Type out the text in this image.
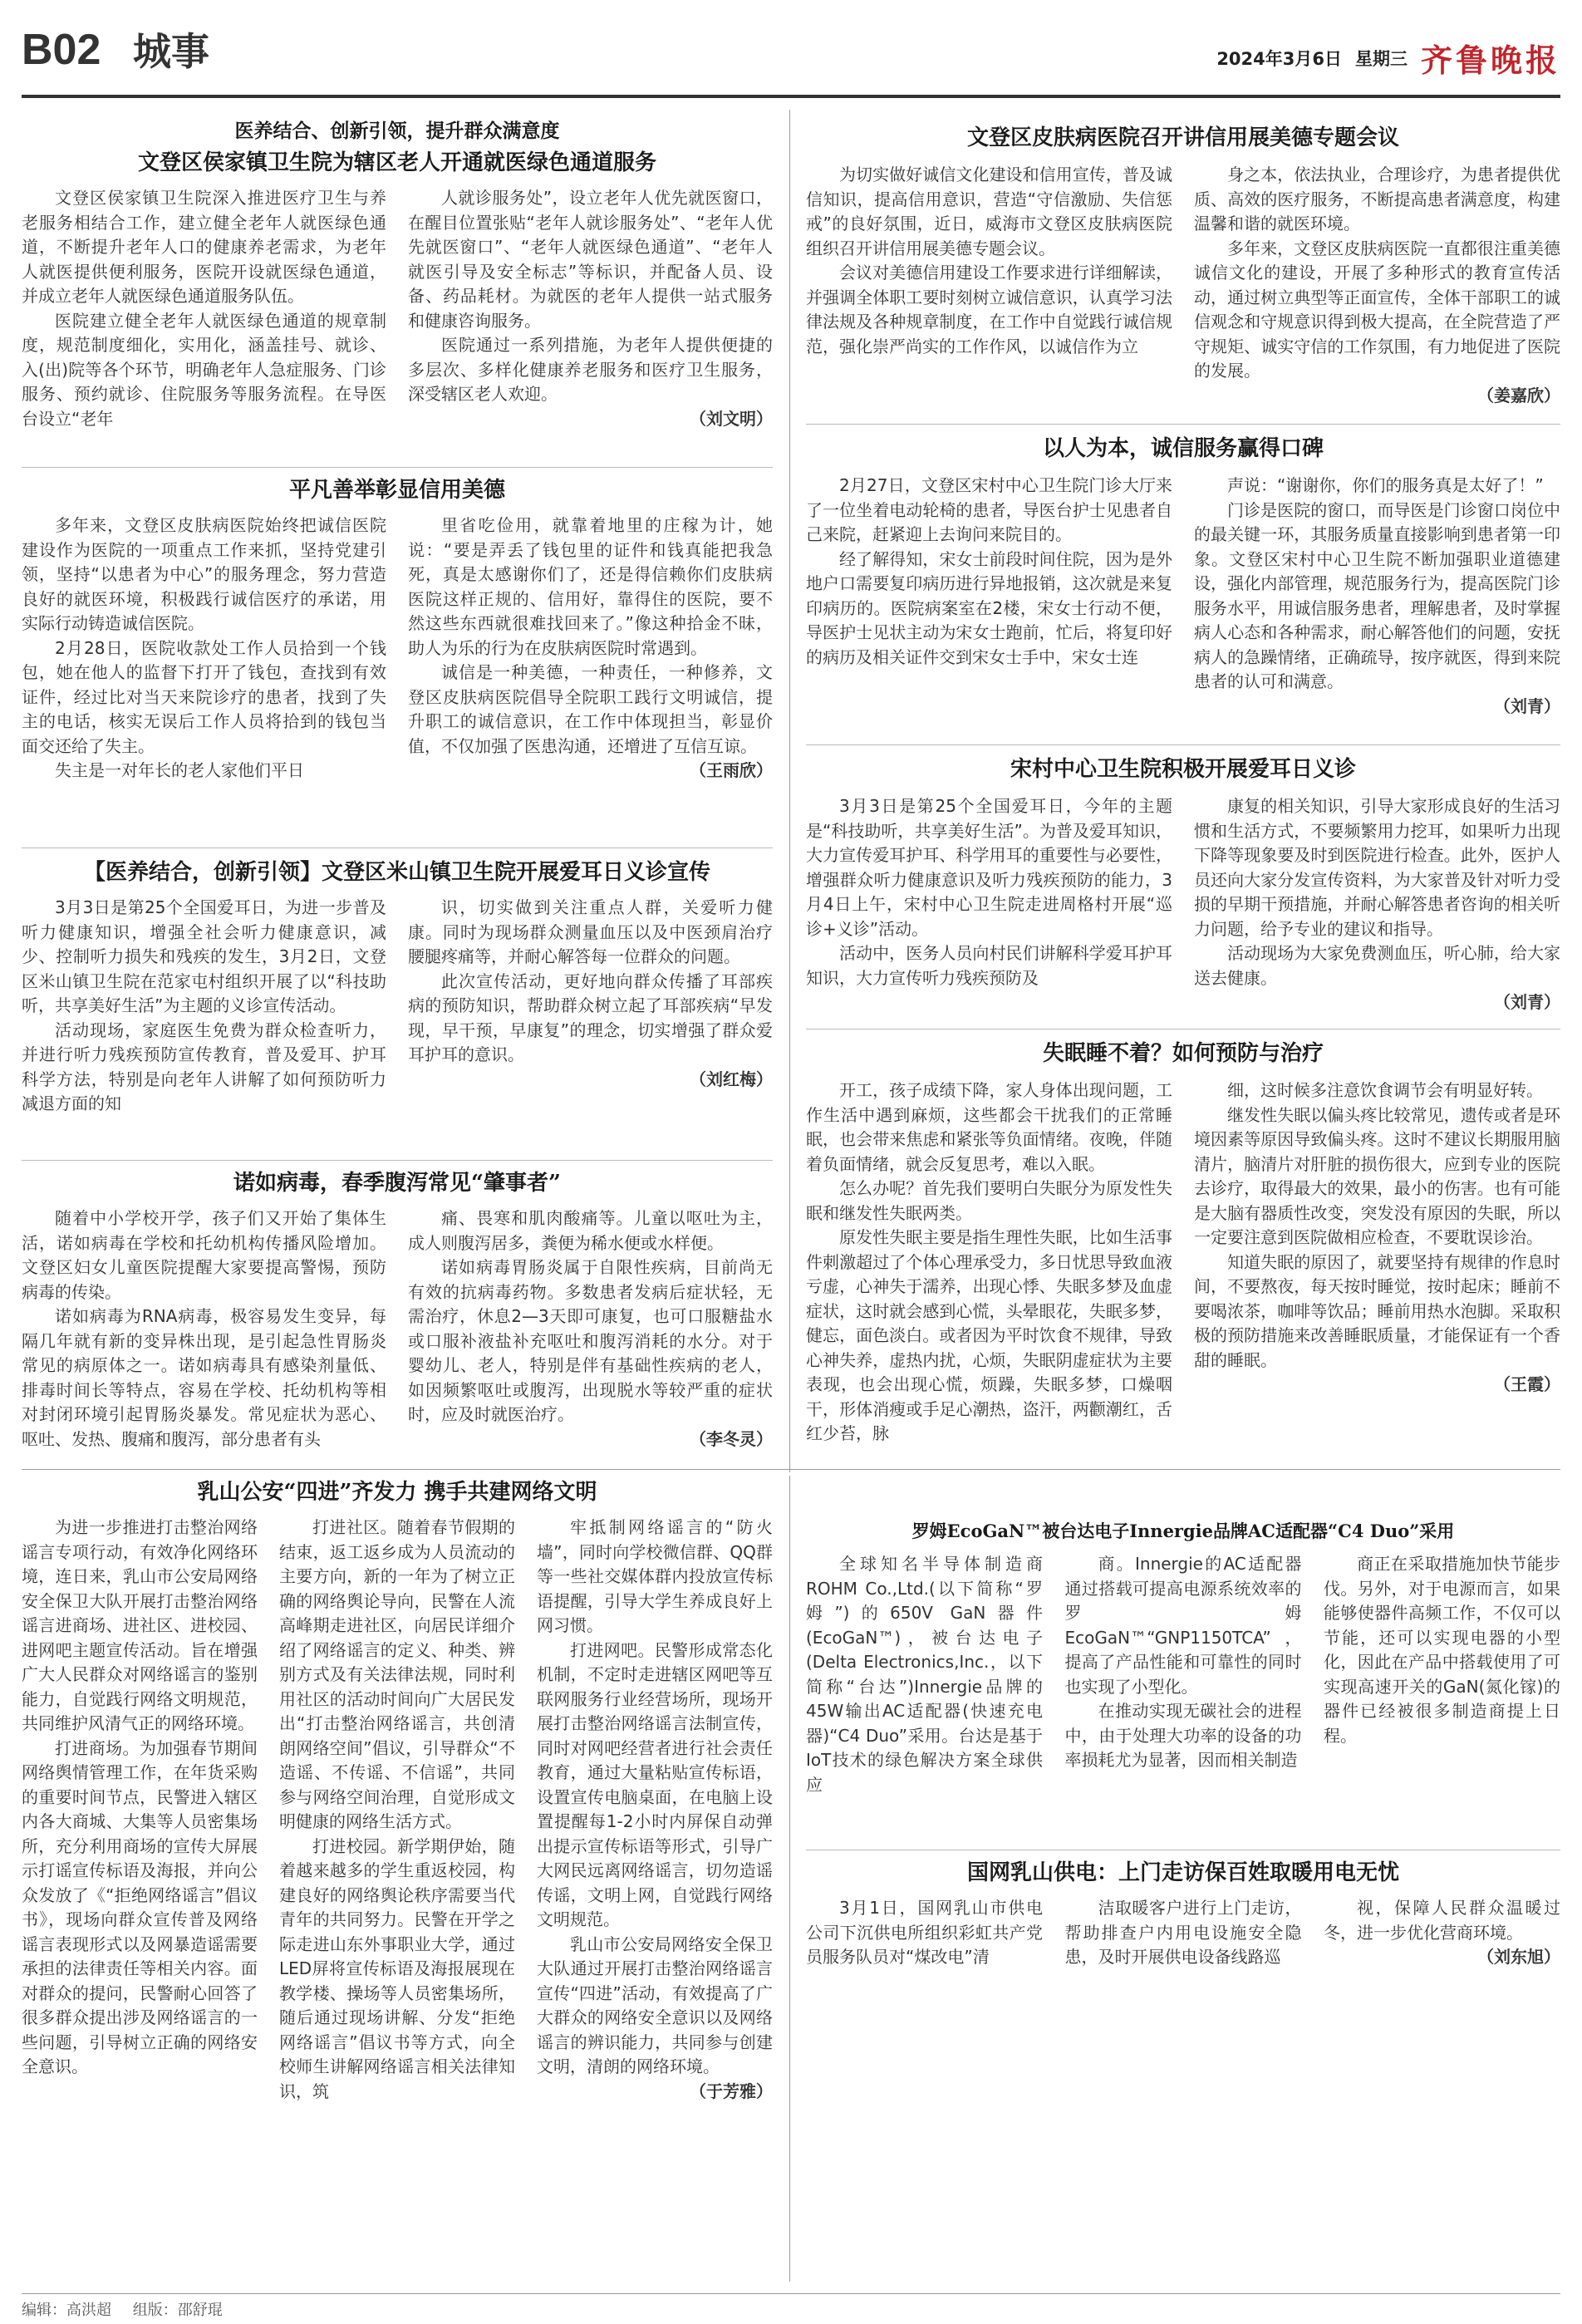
B02 城事	2024年3月6日 星期三 齐鲁晚报
医养结合、创新引领，提升群众满意度
文登区侯家镇卫生院为辖区老人开通就医绿色通道服务

文登区侯家镇卫生院深入推进医疗卫生与养老服务相结合工作，建立健全老年人就医绿色通道，不断提升老年人口的健康养老需求，为老年人就医提供便利服务，医院开设就医绿色通道，并成立老年人就医绿色通道服务队伍。

医院建立健全老年人就医绿色通道的规章制度，规范制度细化，实用化，涵盖挂号、就诊、入(出)院等各个环节，明确老年人急症服务、门诊服务、预约就诊、住院服务等服务流程。在导医台设立“老年

人就诊服务处”，设立老年人优先就医窗口，在醒目位置张贴“老年人就诊服务处”、“老年人优先就医窗口”、“老年人就医绿色通道”、“老年人就医引导及安全标志”等标识，并配备人员、设备、药品耗材。为就医的老年人提供一站式服务和健康咨询服务。

医院通过一系列措施，为老年人提供便捷的多层次、多样化健康养老服务和医疗卫生服务，深受辖区老人欢迎。

（刘文明）

平凡善举彰显信用美德

多年来，文登区皮肤病医院始终把诚信医院建设作为医院的一项重点工作来抓，坚持党建引领，坚持“以患者为中心”的服务理念，努力营造良好的就医环境，积极践行诚信医疗的承诺，用实际行动铸造诚信医院。

2月28日，医院收款处工作人员拾到一个钱包，她在他人的监督下打开了钱包，查找到有效证件，经过比对当天来院诊疗的患者，找到了失主的电话，核实无误后工作人员将拾到的钱包当面交还给了失主。

失主是一对年长的老人家他们平日

里省吃俭用，就靠着地里的庄稼为计，她说：“要是弄丢了钱包里的证件和钱真能把我急死，真是太感谢你们了，还是得信赖你们皮肤病医院这样正规的、信用好，靠得住的医院，要不然这些东西就很难找回来了。”像这种拾金不昧，助人为乐的行为在皮肤病医院时常遇到。

诚信是一种美德，一种责任，一种修养，文登区皮肤病医院倡导全院职工践行文明诚信，提升职工的诚信意识，在工作中体现担当，彰显价值，不仅加强了医患沟通，还增进了互信互谅。

（王雨欣）

【医养结合，创新引领】文登区米山镇卫生院开展爱耳日义诊宣传

3月3日是第25个全国爱耳日，为进一步普及听力健康知识，增强全社会听力健康意识，减少、控制听力损失和残疾的发生，3月2日，文登区米山镇卫生院在范家屯村组织开展了以“科技助听，共享美好生活”为主题的义诊宣传活动。

活动现场，家庭医生免费为群众检查听力，并进行听力残疾预防宣传教育，普及爱耳、护耳科学方法，特别是向老年人讲解了如何预防听力减退方面的知

识，切实做到关注重点人群，关爱听力健康。同时为现场群众测量血压以及中医颈肩治疗腰腿疼痛等，并耐心解答每一位群众的问题。

此次宣传活动，更好地向群众传播了耳部疾病的预防知识，帮助群众树立起了耳部疾病“早发现，早干预，早康复”的理念，切实增强了群众爱耳护耳的意识。

（刘红梅）

诺如病毒，春季腹泻常见“肇事者”

随着中小学校开学，孩子们又开始了集体生活，诺如病毒在学校和托幼机构传播风险增加。文登区妇女儿童医院提醒大家要提高警惕，预防病毒的传染。

诺如病毒为RNA病毒，极容易发生变异，每隔几年就有新的变异株出现，是引起急性胃肠炎常见的病原体之一。诺如病毒具有感染剂量低、排毒时间长等特点，容易在学校、托幼机构等相对封闭环境引起胃肠炎暴发。常见症状为恶心、呕吐、发热、腹痛和腹泻，部分患者有头

痛、畏寒和肌肉酸痛等。儿童以呕吐为主，成人则腹泻居多，粪便为稀水便或水样便。

诺如病毒胃肠炎属于自限性疾病，目前尚无有效的抗病毒药物。多数患者发病后症状轻，无需治疗，休息2—3天即可康复，也可口服糖盐水或口服补液盐补充呕吐和腹泻消耗的水分。对于婴幼儿、老人，特别是伴有基础性疾病的老人，如因频繁呕吐或腹泻，出现脱水等较严重的症状时，应及时就医治疗。

（李冬灵）

文登区皮肤病医院召开讲信用展美德专题会议

为切实做好诚信文化建设和信用宣传，普及诚信知识，提高信用意识，营造“守信激励、失信惩戒”的良好氛围，近日，威海市文登区皮肤病医院组织召开讲信用展美德专题会议。

会议对美德信用建设工作要求进行详细解读，并强调全体职工要时刻树立诚信意识，认真学习法律法规及各种规章制度，在工作中自觉践行诚信规范，强化崇严尚实的工作作风，以诚信作为立

身之本，依法执业，合理诊疗，为患者提供优质、高效的医疗服务，不断提高患者满意度，构建温馨和谐的就医环境。

多年来，文登区皮肤病医院一直都很注重美德诚信文化的建设，开展了多种形式的教育宣传活动，通过树立典型等正面宣传，全体干部职工的诚信观念和守规意识得到极大提高，在全院营造了严守规矩、诚实守信的工作氛围，有力地促进了医院的发展。

（姜嘉欣）

以人为本，诚信服务赢得口碑

2月27日，文登区宋村中心卫生院门诊大厅来了一位坐着电动轮椅的患者，导医台护士见患者自己来院，赶紧迎上去询问来院目的。

经了解得知，宋女士前段时间住院，因为是外地户口需要复印病历进行异地报销，这次就是来复印病历的。医院病案室在2楼，宋女士行动不便，导医护士见状主动为宋女士跑前，忙后，将复印好的病历及相关证件交到宋女士手中，宋女士连

声说：“谢谢你，你们的服务真是太好了！”

门诊是医院的窗口，而导医是门诊窗口岗位中的最关键一环，其服务质量直接影响到患者第一印象。文登区宋村中心卫生院不断加强职业道德建设，强化内部管理，规范服务行为，提高医院门诊服务水平，用诚信服务患者，理解患者，及时掌握病人心态和各种需求，耐心解答他们的问题，安抚病人的急躁情绪，正确疏导，按序就医，得到来院患者的认可和满意。

（刘青）

宋村中心卫生院积极开展爱耳日义诊

3月3日是第25个全国爱耳日，今年的主题是“科技助听，共享美好生活”。为普及爱耳知识，大力宣传爱耳护耳、科学用耳的重要性与必要性，增强群众听力健康意识及听力残疾预防的能力，3月4日上午，宋村中心卫生院走进周格村开展“巡诊+义诊”活动。

活动中，医务人员向村民们讲解科学爱耳护耳知识，大力宣传听力残疾预防及

康复的相关知识，引导大家形成良好的生活习惯和生活方式，不要频繁用力挖耳，如果听力出现下降等现象要及时到医院进行检查。此外，医护人员还向大家分发宣传资料，为大家普及针对听力受损的早期干预措施，并耐心解答患者咨询的相关听力问题，给予专业的建议和指导。

活动现场为大家免费测血压，听心肺，给大家送去健康。

（刘青）

失眠睡不着？如何预防与治疗

开工，孩子成绩下降，家人身体出现问题，工作生活中遇到麻烦，这些都会干扰我们的正常睡眠，也会带来焦虑和紧张等负面情绪。夜晚，伴随着负面情绪，就会反复思考，难以入眠。

怎么办呢？首先我们要明白失眠分为原发性失眠和继发性失眠两类。

原发性失眠主要是指生理性失眠，比如生活事件刺激超过了个体心理承受力，多日忧思导致血液亏虚，心神失于濡养，出现心悸、失眠多梦及血虚症状，这时就会感到心慌，头晕眼花，失眠多梦，健忘，面色淡白。或者因为平时饮食不规律，导致心神失养，虚热内扰，心烦，失眠阴虚症状为主要表现，也会出现心慌，烦躁，失眠多梦，口燥咽干，形体消瘦或手足心潮热，盗汗，两颧潮红，舌红少苔，脉

细，这时候多注意饮食调节会有明显好转。

继发性失眠以偏头疼比较常见，遗传或者是环境因素等原因导致偏头疼。这时不建议长期服用脑清片，脑清片对肝脏的损伤很大，应到专业的医院去诊疗，取得最大的效果，最小的伤害。也有可能是大脑有器质性改变，突发没有原因的失眠，所以一定要注意到医院做相应检查，不要耽误诊治。

知道失眠的原因了，就要坚持有规律的作息时间，不要熬夜，每天按时睡觉，按时起床；睡前不要喝浓茶，咖啡等饮品；睡前用热水泡脚。采取积极的预防措施来改善睡眠质量，才能保证有一个香甜的睡眠。

（王霞）

乳山公安“四进”齐发力 携手共建网络文明

为进一步推进打击整治网络谣言专项行动，有效净化网络环境，连日来，乳山市公安局网络安全保卫大队开展打击整治网络谣言进商场、进社区、进校园、进网吧主题宣传活动。旨在增强广大人民群众对网络谣言的鉴别能力，自觉践行网络文明规范，共同维护风清气正的网络环境。

打进商场。为加强春节期间网络舆情管理工作，在年货采购的重要时间节点，民警进入辖区内各大商城、大集等人员密集场所，充分利用商场的宣传大屏展示打谣宣传标语及海报，并向公众发放了《“拒绝网络谣言”倡议书》，现场向群众宣传普及网络谣言表现形式以及网暴造谣需要承担的法律责任等相关内容。面对群众的提问，民警耐心回答了很多群众提出涉及网络谣言的一些问题，引导树立正确的网络安全意识。

打进社区。随着春节假期的结束，返工返乡成为人员流动的主要方向，新的一年为了树立正确的网络舆论导向，民警在人流高峰期走进社区，向居民详细介绍了网络谣言的定义、种类、辨别方式及有关法律法规，同时利用社区的活动时间向广大居民发出“打击整治网络谣言，共创清朗网络空间”倡议，引导群众“不造谣、不传谣、不信谣”，共同参与网络空间治理，自觉形成文明健康的网络生活方式。

打进校园。新学期伊始，随着越来越多的学生重返校园，构建良好的网络舆论秩序需要当代青年的共同努力。民警在开学之际走进山东外事职业大学，通过LED屏将宣传标语及海报展现在教学楼、操场等人员密集场所，随后通过现场讲解、分发“拒绝网络谣言”倡议书等方式，向全校师生讲解网络谣言相关法律知识，筑

牢抵制网络谣言的“防火墙”，同时向学校微信群、QQ群等一些社交媒体群内投放宣传标语提醒，引导大学生养成良好上网习惯。

打进网吧。民警形成常态化机制，不定时走进辖区网吧等互联网服务行业经营场所，现场开展打击整治网络谣言法制宣传，同时对网吧经营者进行社会责任教育，通过大量粘贴宣传标语，设置宣传电脑桌面，在电脑上设置提醒每1-2小时内屏保自动弹出提示宣传标语等形式，引导广大网民远离网络谣言，切勿造谣传谣，文明上网，自觉践行网络文明规范。

乳山市公安局网络安全保卫大队通过开展打击整治网络谣言宣传“四进”活动，有效提高了广大群众的网络安全意识以及网络谣言的辨识能力，共同参与创建文明，清朗的网络环境。

（于芳雅）

罗姆EcoGaN™被台达电子Innergie品牌AC适配器“C4 Duo”采用

全球知名半导体制造商ROHM Co.,Ltd.(以下简称“罗姆”)的650V GaN器件(EcoGaN™)，被台达电子(Delta Electronics,Inc.，以下简称“台达”)Innergie品牌的45W输出AC适配器(快速充电器)“C4 Duo”采用。台达是基于IoT技术的绿色解决方案全球供应

商。Innergie的AC适配器通过搭载可提高电源系统效率的罗姆EcoGaN™“GNP1150TCA”，提高了产品性能和可靠性的同时也实现了小型化。

在推动实现无碳社会的进程中，由于处理大功率的设备的功率损耗尤为显著，因而相关制造

商正在采取措施加快节能步伐。另外，对于电源而言，如果能够使器件高频工作，不仅可以节能，还可以实现电器的小型化，因此在产品中搭载使用了可实现高速开关的GaN(氮化镓)的器件已经被很多制造商提上日程。

国网乳山供电：上门走访保百姓取暖用电无忧

3月1日，国网乳山市供电公司下沉供电所组织彩虹共产党员服务队员对“煤改电”清

洁取暖客户进行上门走访，帮助排查户内用电设施安全隐患，及时开展供电设备线路巡

视，保障人民群众温暖过冬，进一步优化营商环境。

（刘东旭）

编辑：高洪超 组版：邵舒琨
